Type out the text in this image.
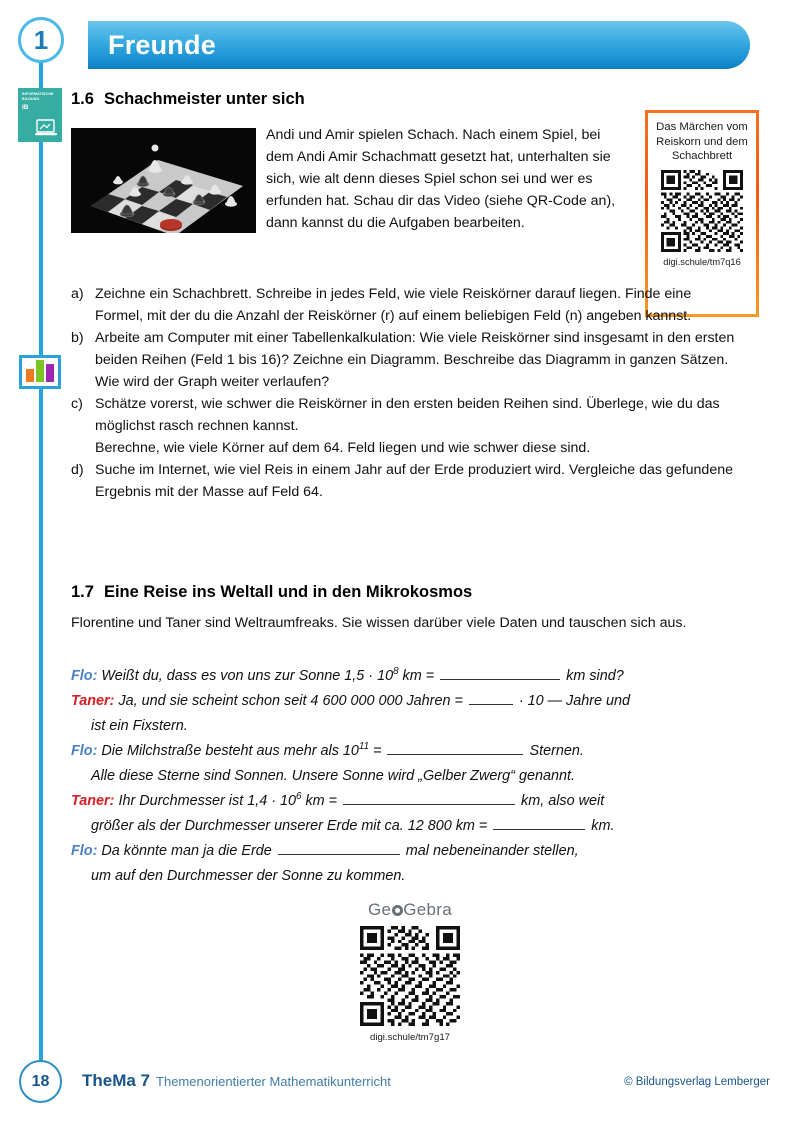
1 Freunde
INFORMATISCHE
BILDUNG
IB	1.6 Schachmeister unter sich
Andi und Amir spielen Schach. Nach einem Spiel, bei dem Andi Amir Schachmatt gesetzt hat, unterhalten sie sich, wie alt denn dieses Spiel schon sei und wer es erfunden hat. Schau dir das Video (siehe QR-Code an), dann kannst du die Aufgaben bearbeiten.
Das Märchen vom Reiskorn und dem Schachbrett
digi.schule/tm7q16
a) Zeichne ein Schachbrett. Schreibe in jedes Feld, wie viele Reiskörner darauf liegen. Finde eine Formel, mit der du die Anzahl der Reiskörner (r) auf einem beliebigen Feld (n) angeben kannst.
b) Arbeite am Computer mit einer Tabellenkalkulation: Wie viele Reiskörner sind insgesamt in den ersten beiden Reihen (Feld 1 bis 16)? Zeichne ein Diagramm. Beschreibe das Diagramm in ganzen Sätzen.
Wie wird der Graph weiter verlaufen?
c) Schätze vorerst, wie schwer die Reiskörner in den ersten beiden Reihen sind. Überlege, wie du das möglichst rasch rechnen kannst.
Berechne, wie viele Körner auf dem 64. Feld liegen und wie schwer diese sind.
d) Suche im Internet, wie viel Reis in einem Jahr auf der Erde produziert wird. Vergleiche das gefundene Ergebnis mit der Masse auf Feld 64.
1.7 Eine Reise ins Weltall und in den Mikrokosmos
Florentine und Taner sind Weltraumfreaks. Sie wissen darüber viele Daten und tauschen sich aus.
Flo: Weißt du, dass es von uns zur Sonne $1,5 \cdot 10^8$ km =	km sind?
Taner: Ja, und sie scheint schon seit 4 600 000 000 Jahren =	· 10 — Jahre und
ist ein Fixstern.
Flo: Die Milchstraße besteht aus mehr als $10^{11}$ =	Sternen.
Alle diese Sterne sind Sonnen. Unsere Sonne wird „Gelber Zwerg“ genannt.
Taner: Ihr Durchmesser ist $1,4 \cdot 10^6$ km =	km, also weit
größer als der Durchmesser unserer Erde mit ca. 12 800 km =	km.
Flo: Da könnte man ja die Erde	mal nebeneinander stellen,
um auf den Durchmesser der Sonne zu kommen.
Ge Gebra
digi.schule/tm7g17
18 TheMa 7 Themenorientierter Mathematikunterricht	© Bildungsverlag Lemberger
